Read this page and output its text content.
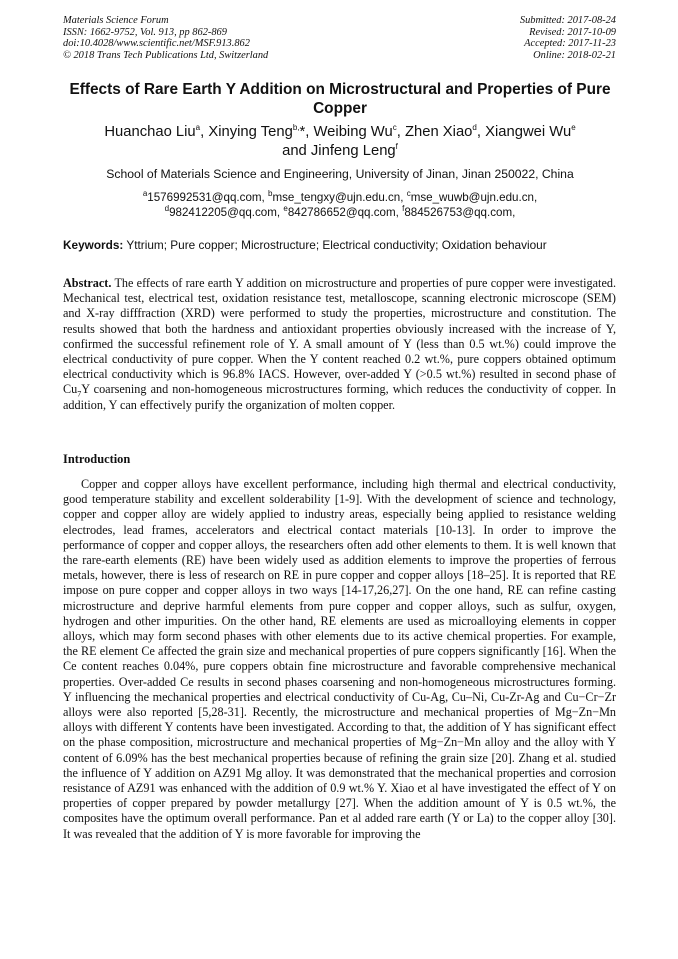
Materials Science Forum
ISSN: 1662-9752, Vol. 913, pp 862-869
doi:10.4028/www.scientific.net/MSF.913.862
© 2018 Trans Tech Publications Ltd, Switzerland
Submitted: 2017-08-24
Revised: 2017-10-09
Accepted: 2017-11-23
Online: 2018-02-21
Effects of Rare Earth Y Addition on Microstructural and Properties of Pure Copper
Huanchao Liu$^a$, Xinying Teng$^{b,}$*, Weibing Wu$^c$, Zhen Xiao$^d$, Xiangwei Wu$^e$
and Jinfeng Leng$^f$
School of Materials Science and Engineering, University of Jinan, Jinan 250022, China
$^a$1576992531@qq.com, $^b$mse_tengxy@ujn.edu.cn, $^c$mse_wuwb@ujn.edu.cn,
$^d$982412205@qq.com, $^e$842786652@qq.com, $^f$884526753@qq.com,
Keywords: Yttrium; Pure copper; Microstructure; Electrical conductivity; Oxidation behaviour
Abstract. The effects of rare earth Y addition on microstructure and properties of pure copper were investigated. Mechanical test, electrical test, oxidation resistance test, metalloscope, scanning electronic microscope (SEM) and X-ray difffraction (XRD) were performed to study the properties, microstructure and constitution. The results showed that both the hardness and antioxidant properties obviously increased with the increase of Y, confirmed the successful refinement role of Y. A small amount of Y (less than 0.5 wt.%) could improve the electrical conductivity of pure copper. When the Y content reached 0.2 wt.%, pure coppers obtained optimum electrical conductivity which is 96.8% IACS. However, over-added Y (>0.5 wt.%) resulted in second phase of $Cu_7Y$ coarsening and non-homogeneous microstructures forming, which reduces the conductivity of copper. In addition, Y can effectively purify the organization of molten copper.
Introduction
Copper and copper alloys have excellent performance, including high thermal and electrical conductivity, good temperature stability and excellent solderability [1-9]. With the development of science and technology, copper and copper alloy are widely applied to industry areas, especially being applied to resistance welding electrodes, lead frames, accelerators and electrical contact materials [10-13]. In order to improve the performance of copper and copper alloys, the researchers often add other elements to them. It is well known that the rare-earth elements (RE) have been widely used as addition elements to improve the properties of ferrous metals, however, there is less of research on RE in pure copper and copper alloys [18–25]. It is reported that RE impose on pure copper and copper alloys in two ways [14-17,26,27]. On the one hand, RE can refine casting microstructure and deprive harmful elements from pure copper and copper alloys, such as sulfur, oxygen, hydrogen and other impurities. On the other hand, RE elements are used as microalloying elements in copper alloys, which may form second phases with other elements due to its active chemical properties. For example, the RE element Ce affected the grain size and mechanical properties of pure coppers significantly [16]. When the Ce content reaches 0.04%, pure coppers obtain fine microstructure and favorable comprehensive mechanical properties. Over-added Ce results in second phases coarsening and non-homogeneous microstructures forming. Y influencing the mechanical properties and electrical conductivity of Cu-Ag, Cu–Ni, Cu-Zr-Ag and Cu−Cr−Zr alloys were also reported [5,28-31]. Recently, the microstructure and mechanical properties of Mg−Zn−Mn alloys with different Y contents have been investigated. According to that, the addition of Y has significant effect on the phase composition, microstructure and mechanical properties of Mg−Zn−Mn alloy and the alloy with Y content of 6.09% has the best mechanical properties because of refining the grain size [20]. Zhang et al. studied the influence of Y addition on AZ91 Mg alloy. It was demonstrated that the mechanical properties and corrosion resistance of AZ91 was enhanced with the addition of 0.9 wt.% Y. Xiao et al have investigated the effect of Y on properties of copper prepared by powder metallurgy [27]. When the addition amount of Y is 0.5 wt.%, the composites have the optimum overall performance. Pan et al added rare earth (Y or La) to the copper alloy [30]. It was revealed that the addition of Y is more favorable for improving the
